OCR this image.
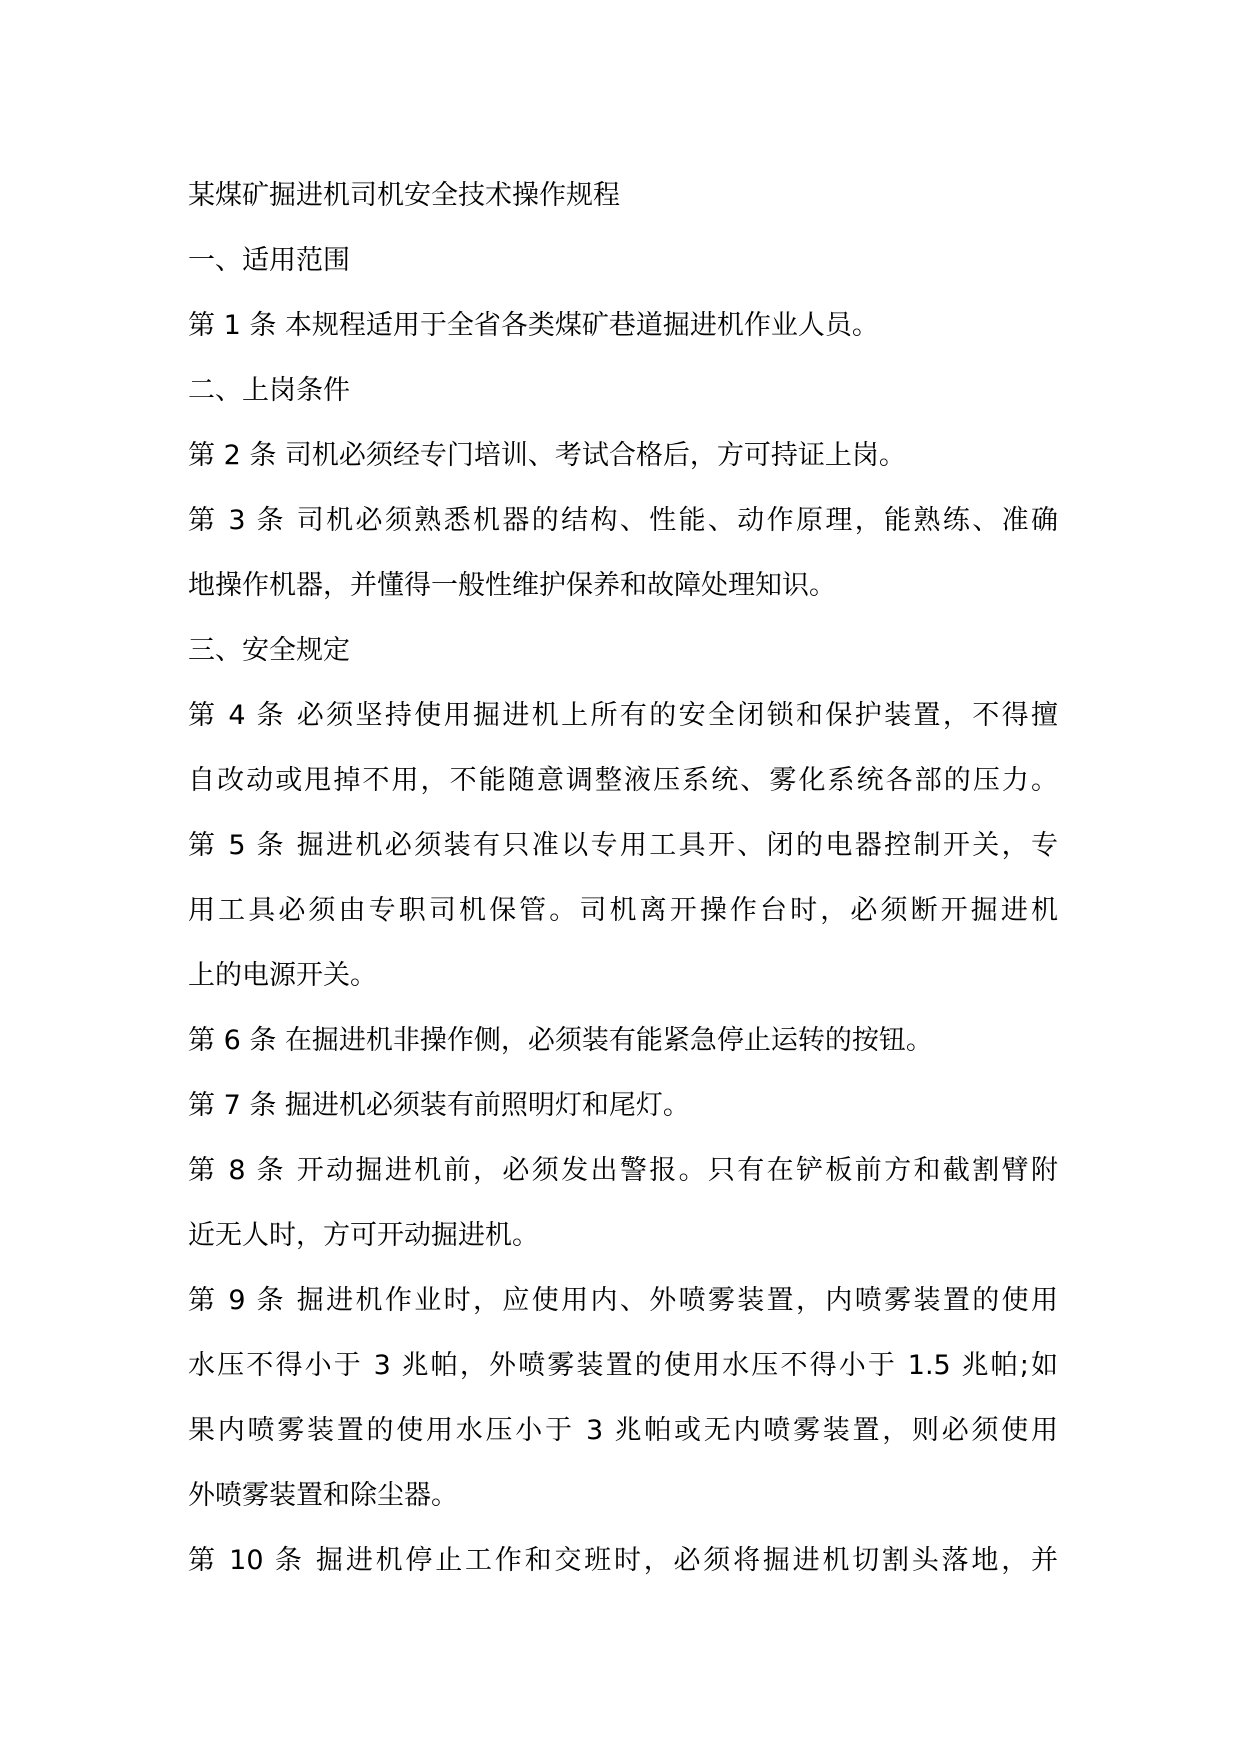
某煤矿掘进机司机安全技术操作规程
一、适用范围
第 1 条 本规程适用于全省各类煤矿巷道掘进机作业人员。
二、上岗条件
第 2 条 司机必须经专门培训、考试合格后，方可持证上岗。
第 3 条 司机必须熟悉机器的结构、性能、动作原理，能熟练、准确
地操作机器，并懂得一般性维护保养和故障处理知识。
三、安全规定
第 4 条 必须坚持使用掘进机上所有的安全闭锁和保护装置，不得擅
自改动或甩掉不用，不能随意调整液压系统、雾化系统各部的压力。
第 5 条 掘进机必须装有只准以专用工具开、闭的电器控制开关，专
用工具必须由专职司机保管。司机离开操作台时，必须断开掘进机
上的电源开关。
第 6 条 在掘进机非操作侧，必须装有能紧急停止运转的按钮。
第 7 条 掘进机必须装有前照明灯和尾灯。
第 8 条 开动掘进机前，必须发出警报。只有在铲板前方和截割臂附
近无人时，方可开动掘进机。
第 9 条 掘进机作业时，应使用内、外喷雾装置，内喷雾装置的使用
水压不得小于 3 兆帕，外喷雾装置的使用水压不得小于 1.5 兆帕;如
果内喷雾装置的使用水压小于 3 兆帕或无内喷雾装置，则必须使用
外喷雾装置和除尘器。
第 10 条 掘进机停止工作和交班时，必须将掘进机切割头落地，并
